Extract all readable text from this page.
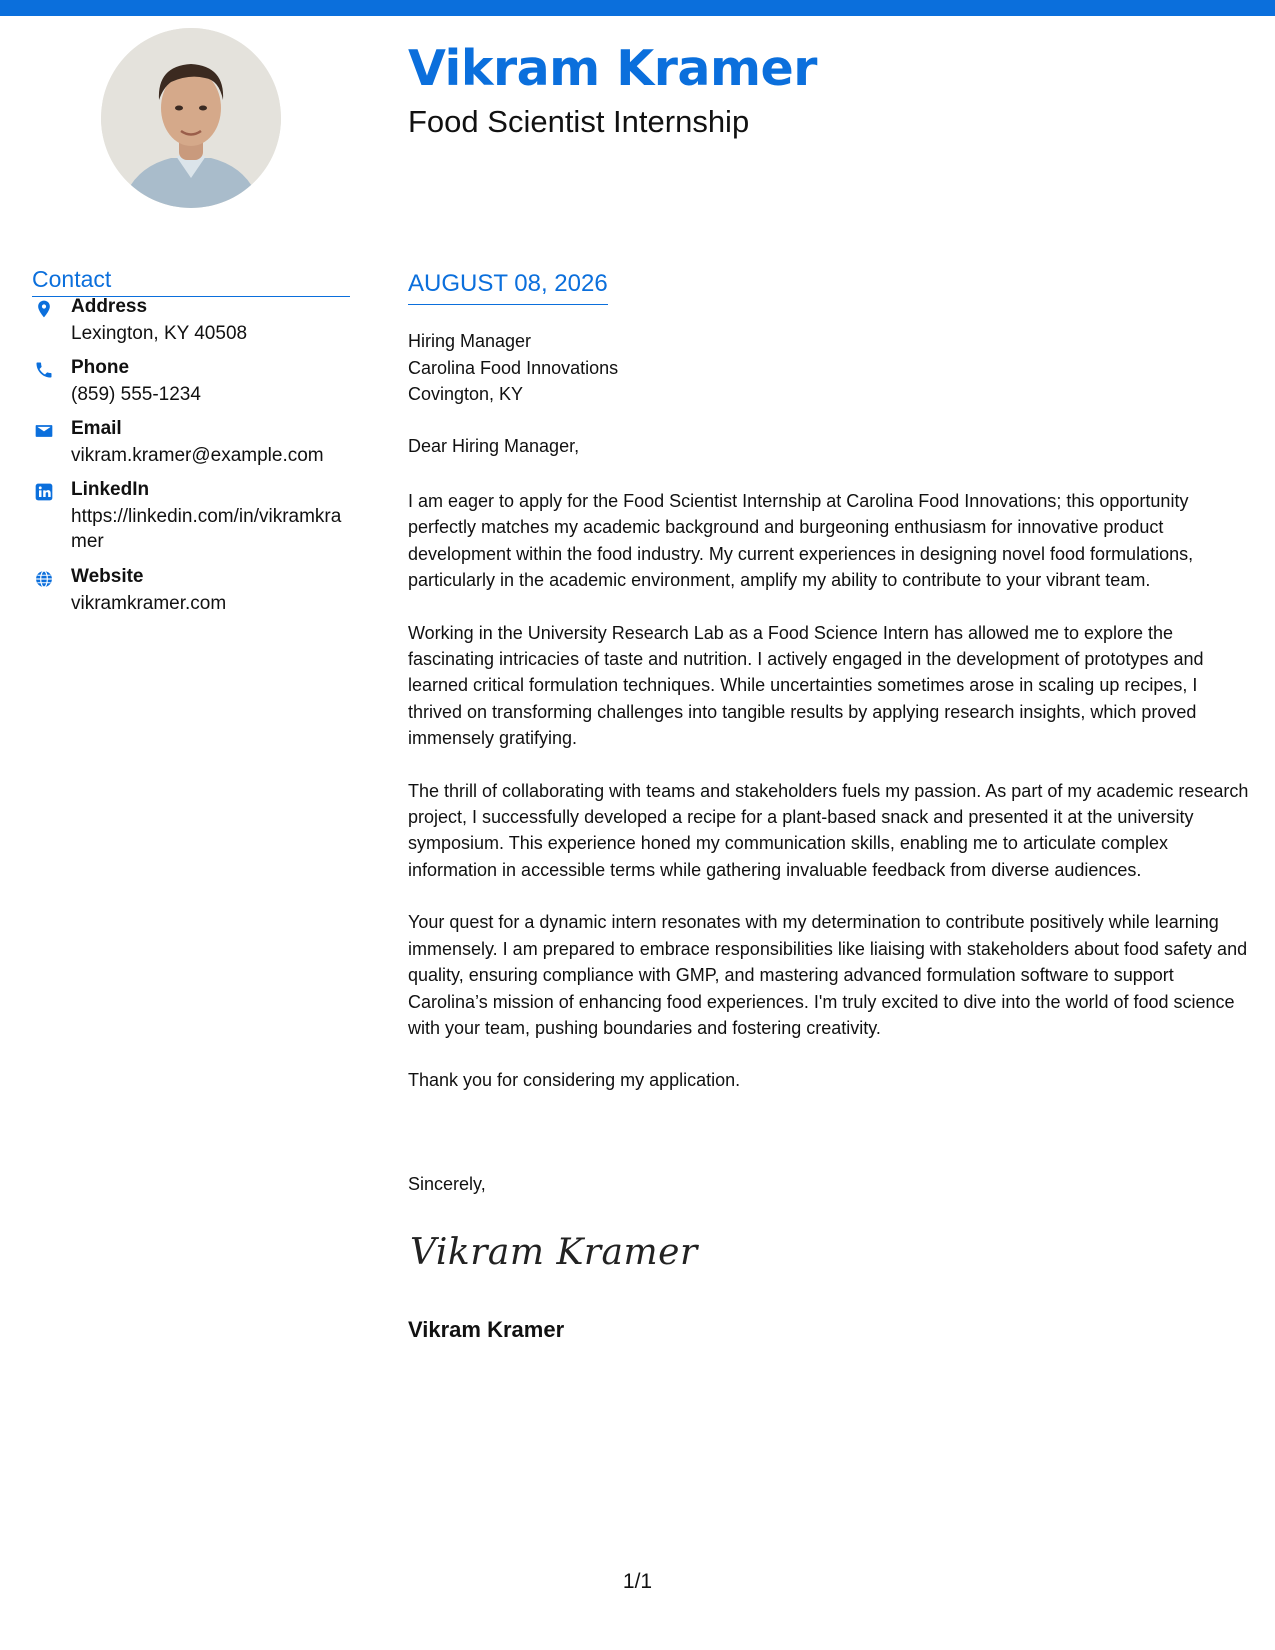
Vikram Kramer
Food Scientist Internship
Contact
Address
Lexington, KY 40508
Phone
(859) 555-1234
Email
vikram.kramer@example.com
LinkedIn
https://linkedin.com/in/vikramkramer
Website
vikramkramer.com
AUGUST 08, 2026
Hiring Manager
Carolina Food Innovations
Covington, KY
Dear Hiring Manager,

I am eager to apply for the Food Scientist Internship at Carolina Food Innovations; this opportunity perfectly matches my academic background and burgeoning enthusiasm for innovative product development within the food industry. My current experiences in designing novel food formulations, particularly in the academic environment, amplify my ability to contribute to your vibrant team.

Working in the University Research Lab as a Food Science Intern has allowed me to explore the fascinating intricacies of taste and nutrition. I actively engaged in the development of prototypes and learned critical formulation techniques. While uncertainties sometimes arose in scaling up recipes, I thrived on transforming challenges into tangible results by applying research insights, which proved immensely gratifying.

The thrill of collaborating with teams and stakeholders fuels my passion. As part of my academic research project, I successfully developed a recipe for a plant-based snack and presented it at the university symposium. This experience honed my communication skills, enabling me to articulate complex information in accessible terms while gathering invaluable feedback from diverse audiences.

Your quest for a dynamic intern resonates with my determination to contribute positively while learning immensely. I am prepared to embrace responsibilities like liaising with stakeholders about food safety and quality, ensuring compliance with GMP, and mastering advanced formulation software to support Carolina’s mission of enhancing food experiences. I'm truly excited to dive into the world of food science with your team, pushing boundaries and fostering creativity.

Thank you for considering my application.

Sincerely,
Vikram Kramer
Vikram Kramer
1/1
